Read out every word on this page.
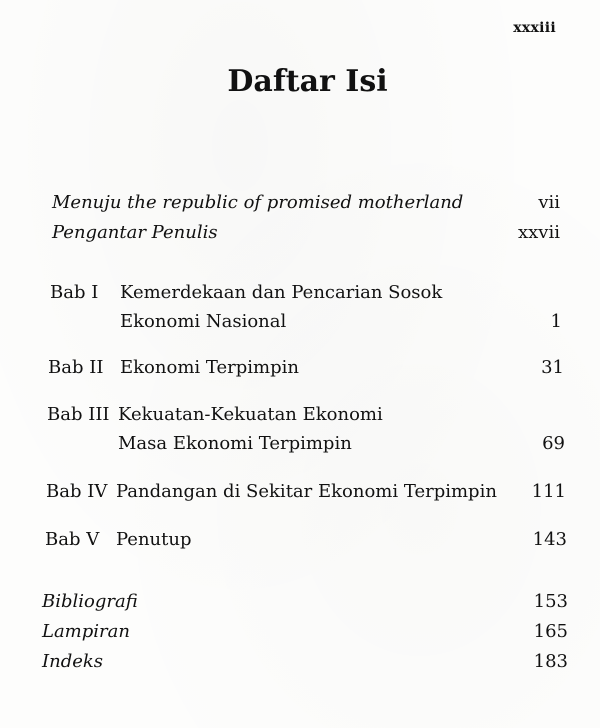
xxxiii
Daftar Isi
Menuju the republic of promised motherland	vii
Pengantar Penulis	xxvii
Bab I Kemerdekaan dan Pencarian Sosok
Ekonomi Nasional	1
Bab II Ekonomi Terpimpin	31
Bab III Kekuatan-Kekuatan Ekonomi
Masa Ekonomi Terpimpin	69
Bab IV Pandangan di Sekitar Ekonomi Terpimpin 111
Bab V Penutup	143
Bibliografi	153
Lampiran	165
Indeks	183
